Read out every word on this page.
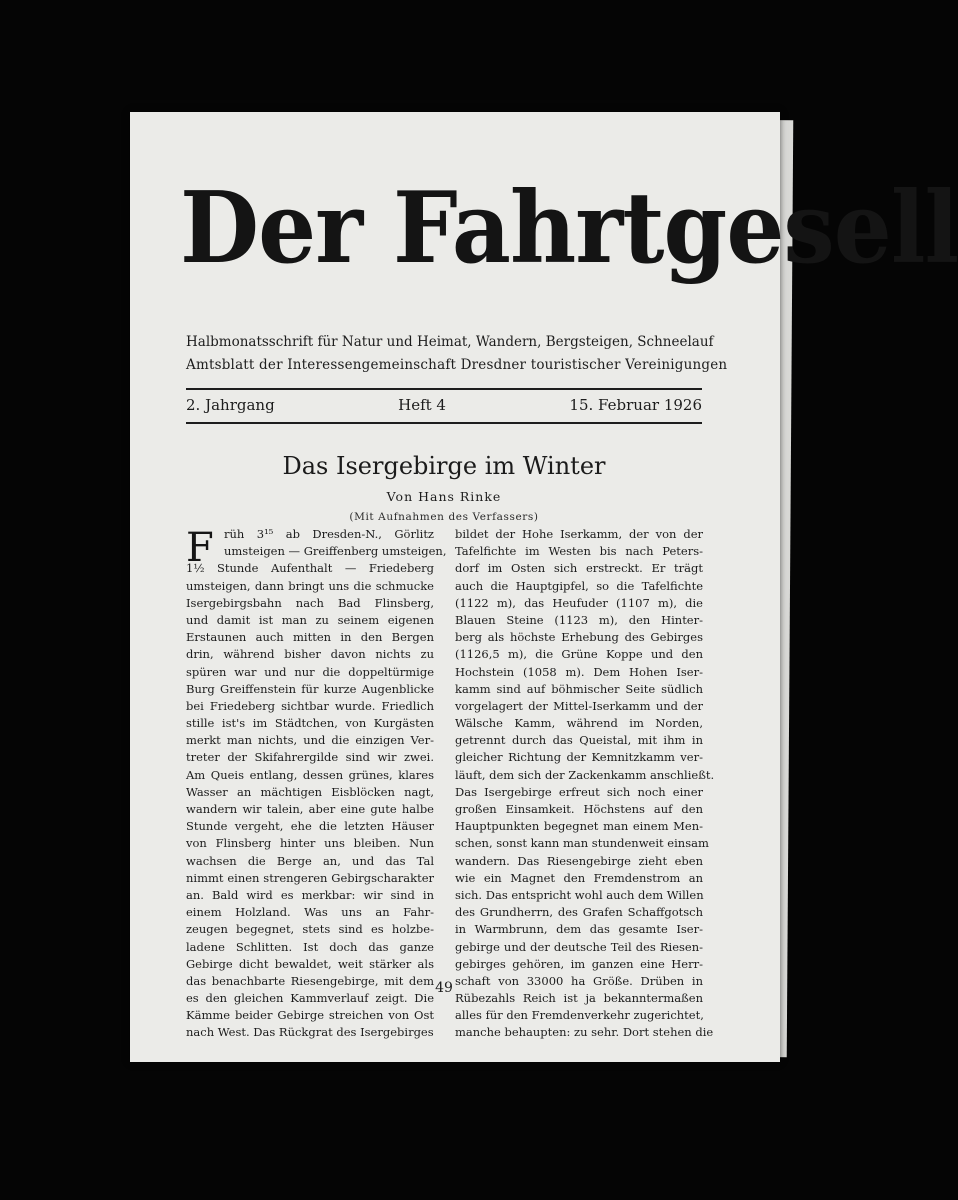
Der Fahrtgesell
Halbmonatsschrift für Natur und Heimat, Wandern, Bergsteigen, Schneelauf
Amtsblatt der Interessengemeinschaft Dresdner touristischer Vereinigungen
2. Jahrgang	Heft 4	15. Februar 1926
Das Isergebirge im Winter
Von Hans Rinke
(Mit Aufnahmen des Verfassers)
F rüh 3¹⁵ ab Dresden-N., Görlitz
umsteigen — Greiffenberg umsteigen,
1½ Stunde Aufenthalt — Friedeberg
umsteigen, dann bringt uns die schmucke
Isergebirgsbahn nach Bad Flinsberg,
und damit ist man zu seinem eigenen
Erstaunen auch mitten in den Bergen
drin, während bisher davon nichts zu
spüren war und nur die doppeltürmige
Burg Greiffenstein für kurze Augenblicke
bei Friedeberg sichtbar wurde. Friedlich
stille ist's im Städtchen, von Kurgästen
merkt man nichts, und die einzigen Ver-
treter der Skifahrergilde sind wir zwei.
Am Queis entlang, dessen grünes, klares
Wasser an mächtigen Eisblöcken nagt,
wandern wir talein, aber eine gute halbe
Stunde vergeht, ehe die letzten Häuser
von Flinsberg hinter uns bleiben. Nun
wachsen die Berge an, und das Tal
nimmt einen strengeren Gebirgscharakter
an. Bald wird es merkbar: wir sind in
einem Holzland. Was uns an Fahr-
zeugen begegnet, stets sind es holzbe-
ladene Schlitten. Ist doch das ganze
Gebirge dicht bewaldet, weit stärker als
das benachbarte Riesengebirge, mit dem
es den gleichen Kammverlauf zeigt. Die
Kämme beider Gebirge streichen von Ost
nach West. Das Rückgrat des Isergebirges
bildet der Hohe Iserkamm, der von der
Tafelfichte im Westen bis nach Peters-
dorf im Osten sich erstreckt. Er trägt
auch die Hauptgipfel, so die Tafelfichte
(1122 m), das Heufuder (1107 m), die
Blauen Steine (1123 m), den Hinter-
berg als höchste Erhebung des Gebirges
(1126,5 m), die Grüne Koppe und den
Hochstein (1058 m). Dem Hohen Iser-
kamm sind auf böhmischer Seite südlich
vorgelagert der Mittel-Iserkamm und der
Wälsche Kamm, während im Norden,
getrennt durch das Queistal, mit ihm in
gleicher Richtung der Kemnitzkamm ver-
läuft, dem sich der Zackenkamm anschließt.
Das Isergebirge erfreut sich noch einer
großen Einsamkeit. Höchstens auf den
Hauptpunkten begegnet man einem Men-
schen, sonst kann man stundenweit einsam
wandern. Das Riesengebirge zieht eben
wie ein Magnet den Fremdenstrom an
sich. Das entspricht wohl auch dem Willen
des Grundherrn, des Grafen Schaffgotsch
in Warmbrunn, dem das gesamte Iser-
gebirge und der deutsche Teil des Riesen-
gebirges gehören, im ganzen eine Herr-
schaft von 33000 ha Größe. Drüben in
Rübezahls Reich ist ja bekanntermaßen
alles für den Fremdenverkehr zugerichtet,
manche behaupten: zu sehr. Dort stehen die
49
